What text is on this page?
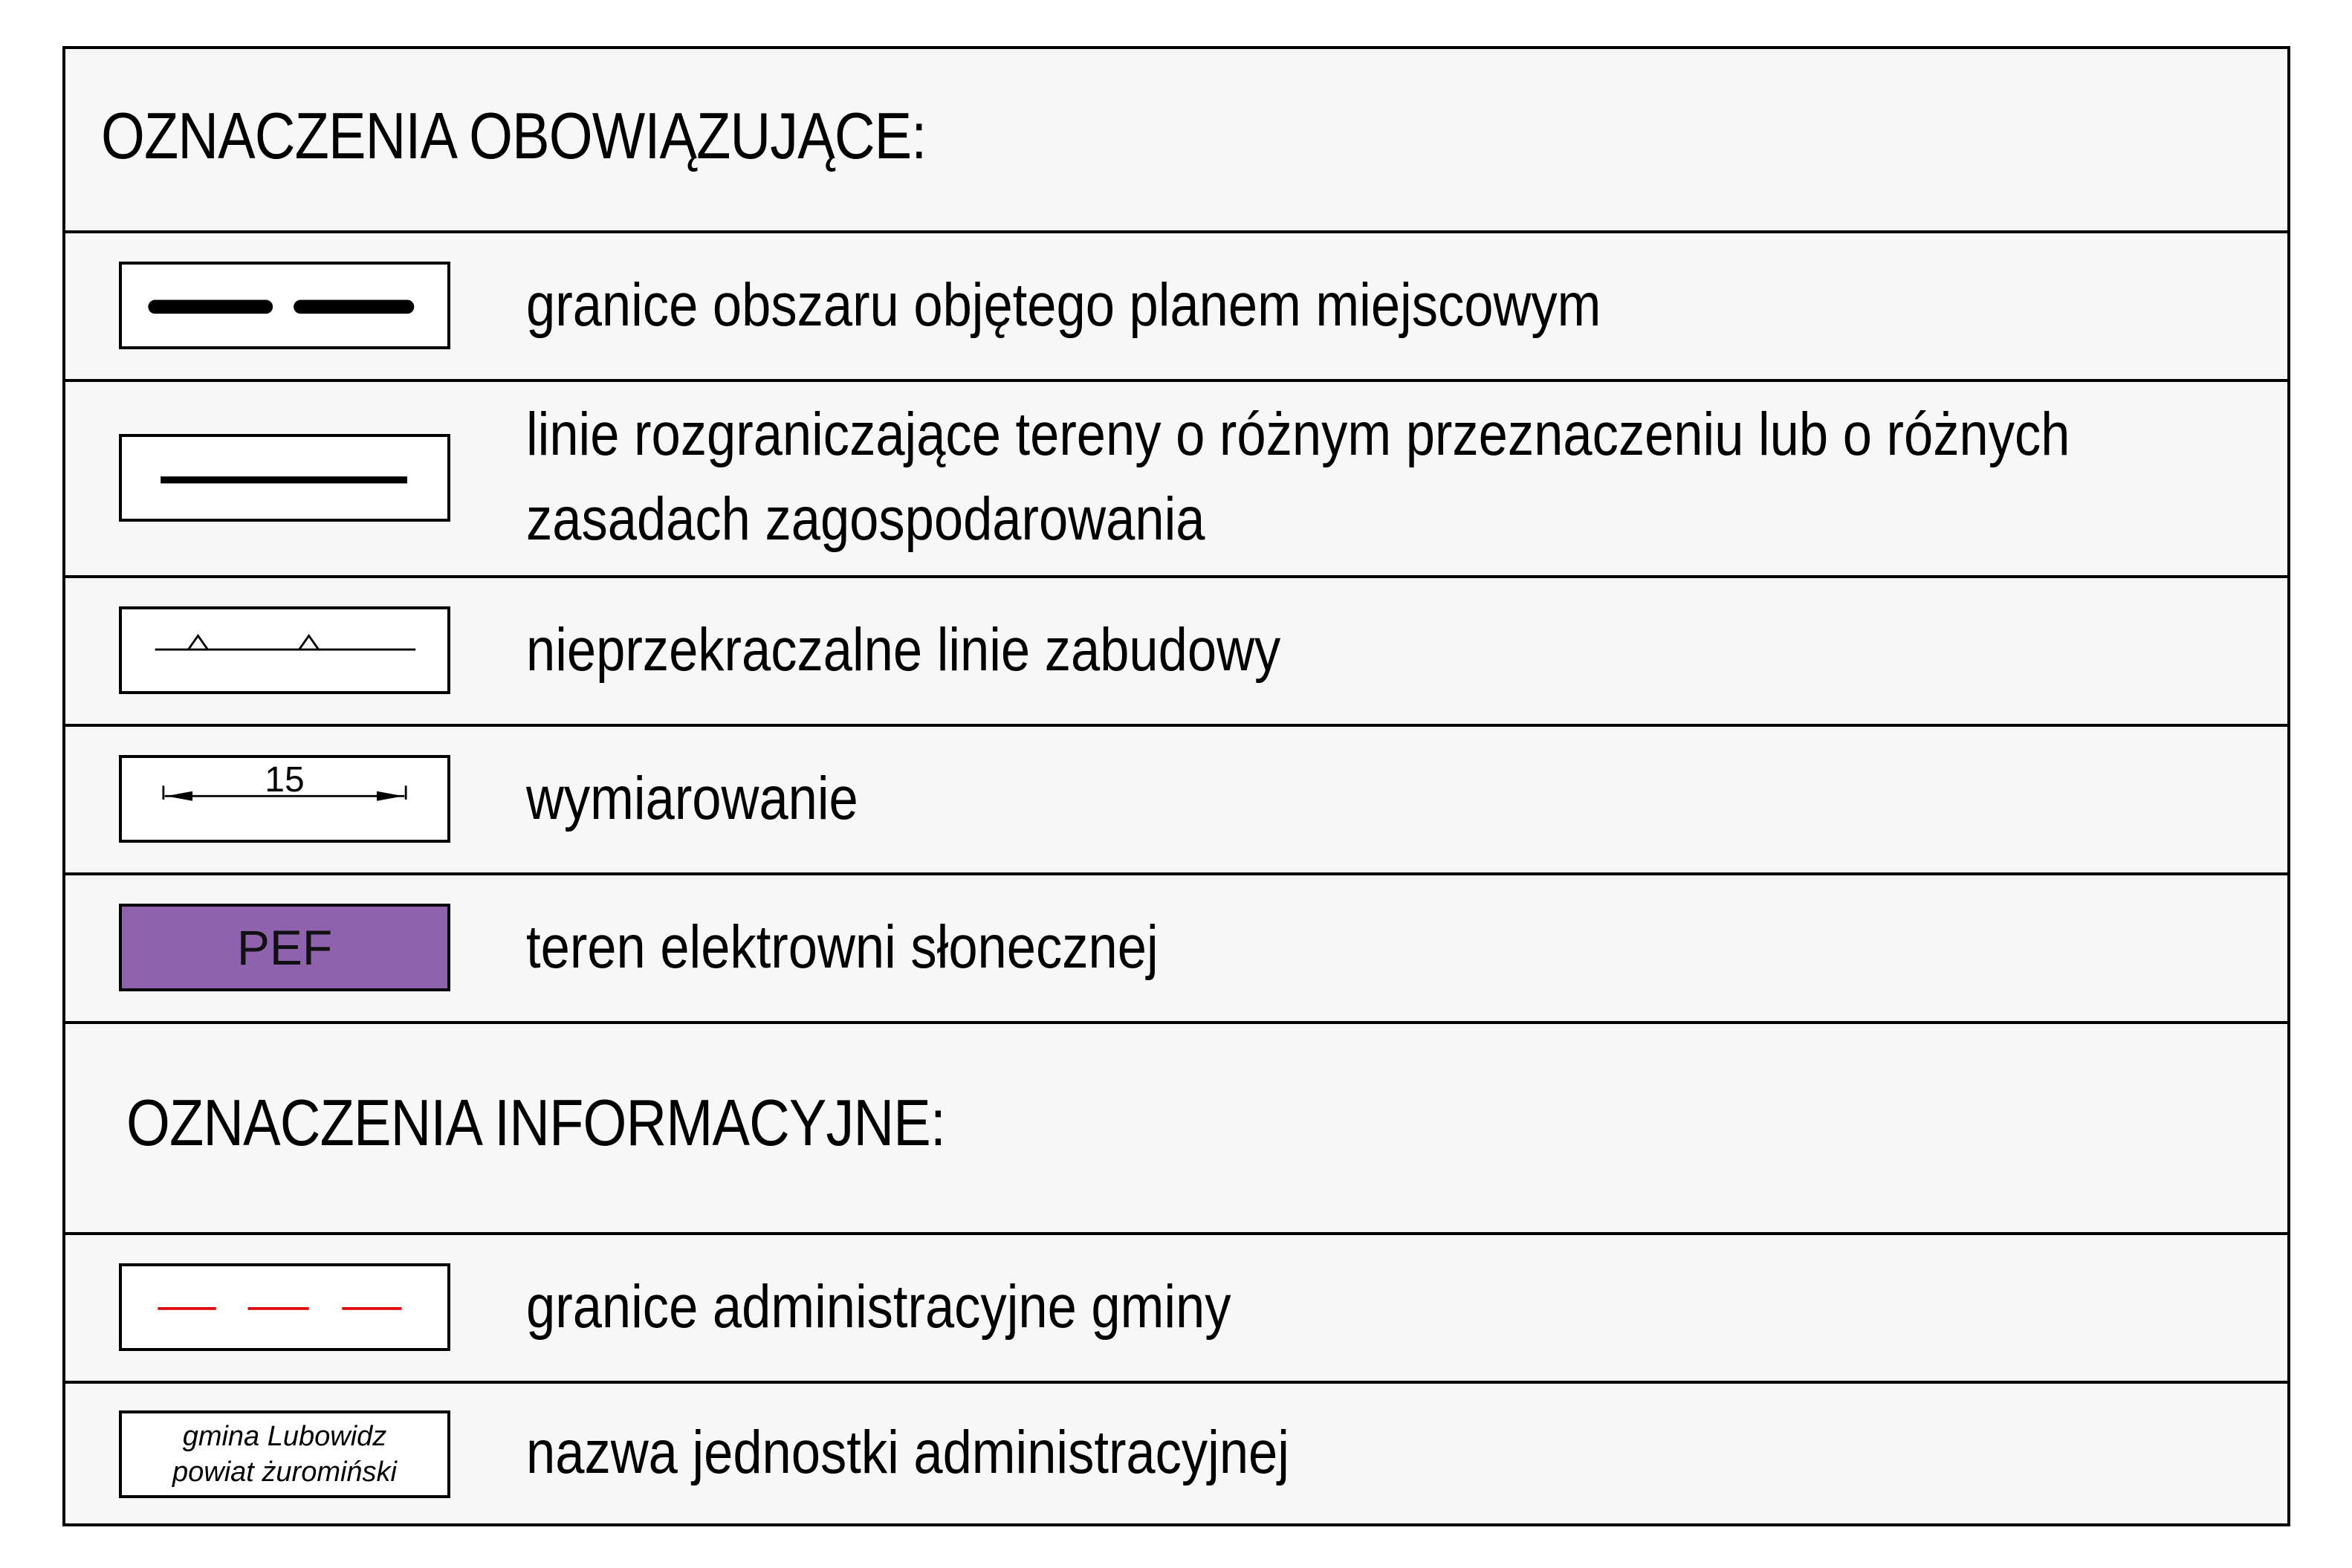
OZNACZENIA OBOWIĄZUJĄCE:
granice obszaru objętego planem miejscowym
linie rozgraniczające tereny o różnym przeznaczeniu lub o różnych
zasadach zagospodarowania
nieprzekraczalne linie zabudowy
15	wymiarowanie
PEF	teren elektrowni słonecznej
OZNACZENIA INFORMACYJNE:
granice administracyjne gminy
gmina Lubowidz
powiat żuromiński nazwa jednostki administracyjnej
